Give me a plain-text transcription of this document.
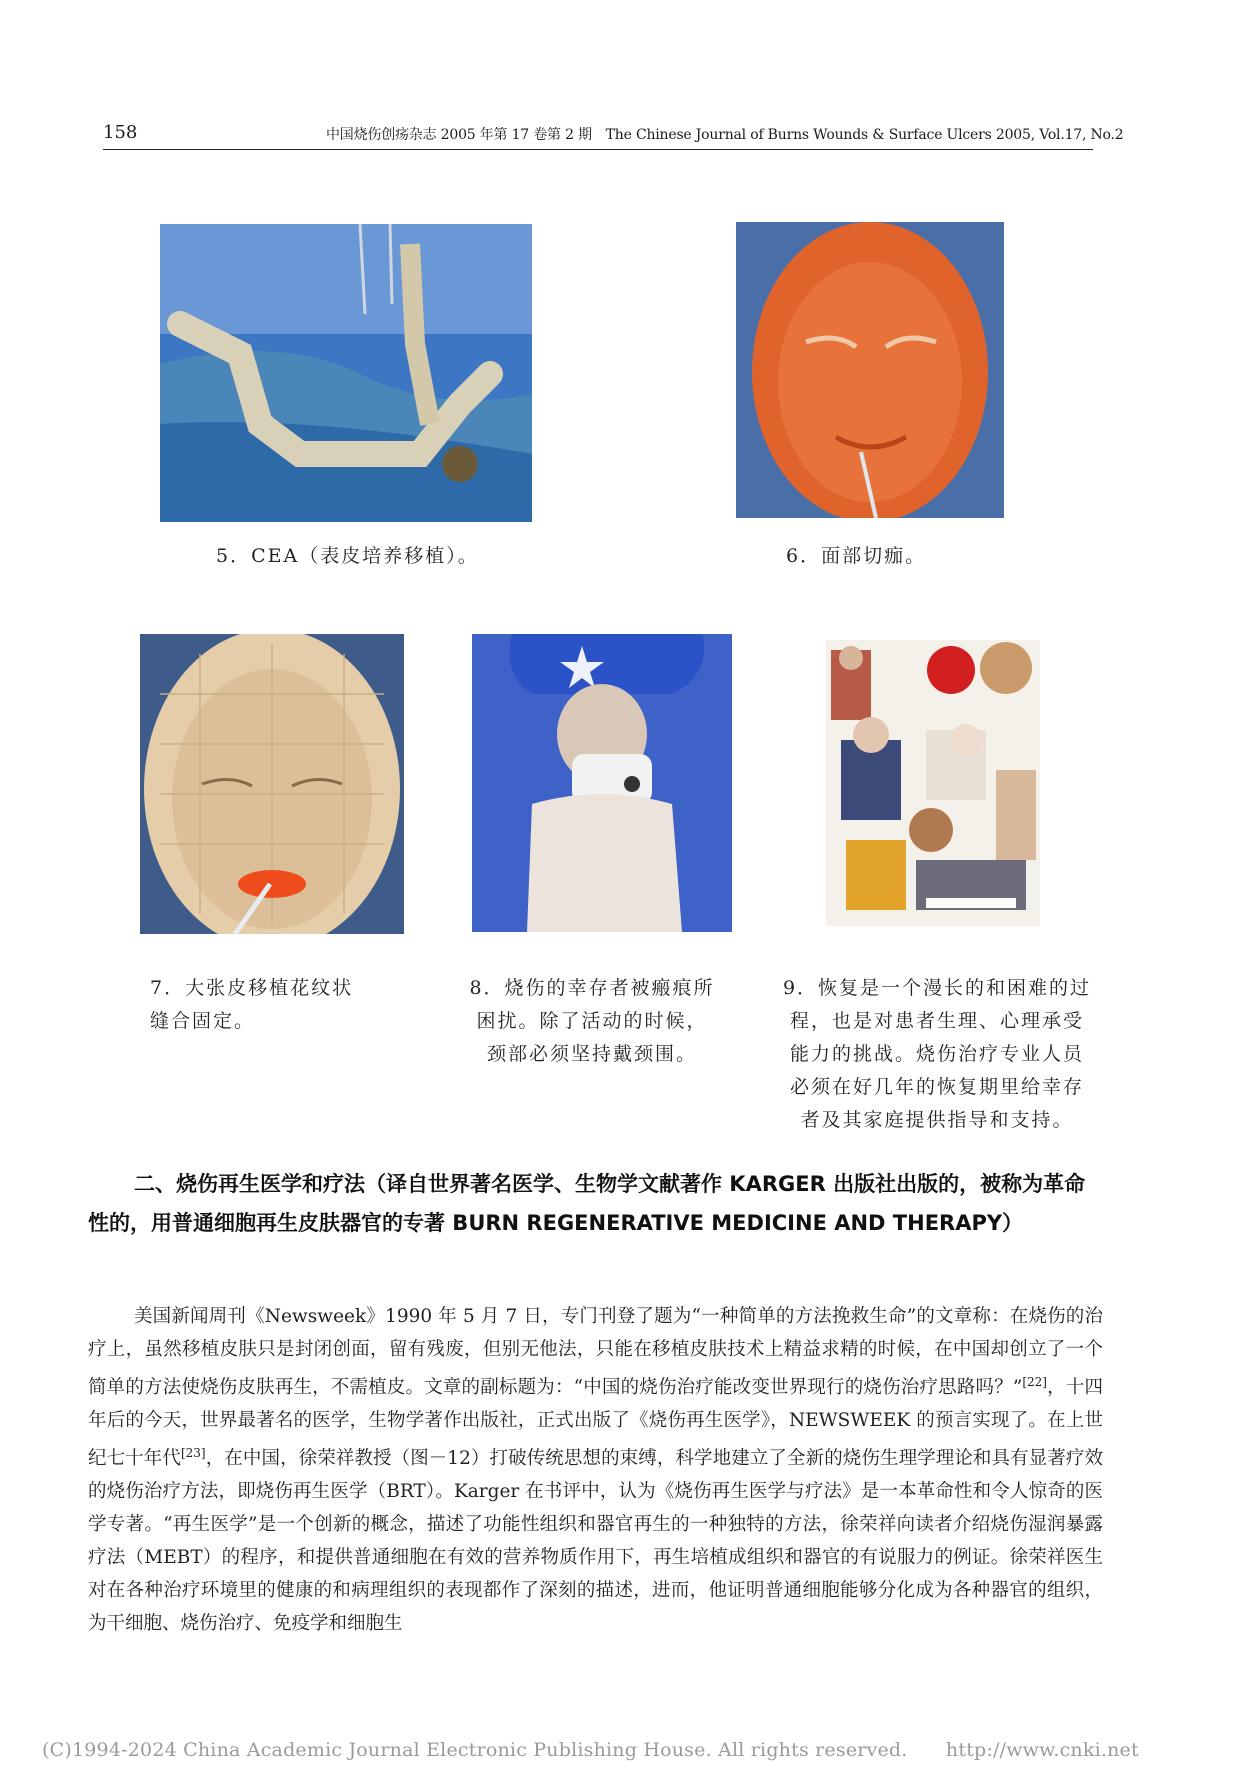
158	中国烧伤创疡杂志 2005 年第 17 卷第 2 期　The Chinese Journal of Burns Wounds & Surface Ulcers 2005, Vol.17, No.2
5．CEA（表皮培养移植）。	6．面部切痂。
7．大张皮移植花纹状
缝合固定。
8．烧伤的幸存者被瘢痕所
困扰。除了活动的时候，
颈部必须坚持戴颈围。
9．恢复是一个漫长的和困难的过
程，也是对患者生理、心理承受
能力的挑战。烧伤治疗专业人员
必须在好几年的恢复期里给幸存
者及其家庭提供指导和支持。
二、烧伤再生医学和疗法（译自世界著名医学、生物学文献著作 KARGER 出版社出版的，被称为革命性的，用普通细胞再生皮肤器官的专著 BURN REGENERATIVE MEDICINE AND THERAPY）

美国新闻周刊《Newsweek》1990 年 5 月 7 日，专门刊登了题为“一种简单的方法挽救生命”的文章称：在烧伤的治疗上，虽然移植皮肤只是封闭创面，留有残废，但别无他法，只能在移植皮肤技术上精益求精的时候，在中国却创立了一个简单的方法使烧伤皮肤再生，不需植皮。文章的副标题为：“中国的烧伤治疗能改变世界现行的烧伤治疗思路吗？”[22]，十四年后的今天，世界最著名的医学，生物学著作出版社，正式出版了《烧伤再生医学》，NEWSWEEK 的预言实现了。在上世纪七十年代[23]，在中国，徐荣祥教授（图－12）打破传统思想的束缚，科学地建立了全新的烧伤生理学理论和具有显著疗效的烧伤治疗方法，即烧伤再生医学（BRT）。Karger 在书评中，认为《烧伤再生医学与疗法》是一本革命性和令人惊奇的医学专著。“再生医学”是一个创新的概念，描述了功能性组织和器官再生的一种独特的方法，徐荣祥向读者介绍烧伤湿润暴露疗法（MEBT）的程序，和提供普通细胞在有效的营养物质作用下，再生培植成组织和器官的有说服力的例证。徐荣祥医生对在各种治疗环境里的健康的和病理组织的表现都作了深刻的描述，进而，他证明普通细胞能够分化成为各种器官的组织，为干细胞、烧伤治疗、免疫学和细胞生

(C)1994-2024 China Academic Journal Electronic Publishing House. All rights reserved.　　http://www.cnki.net
